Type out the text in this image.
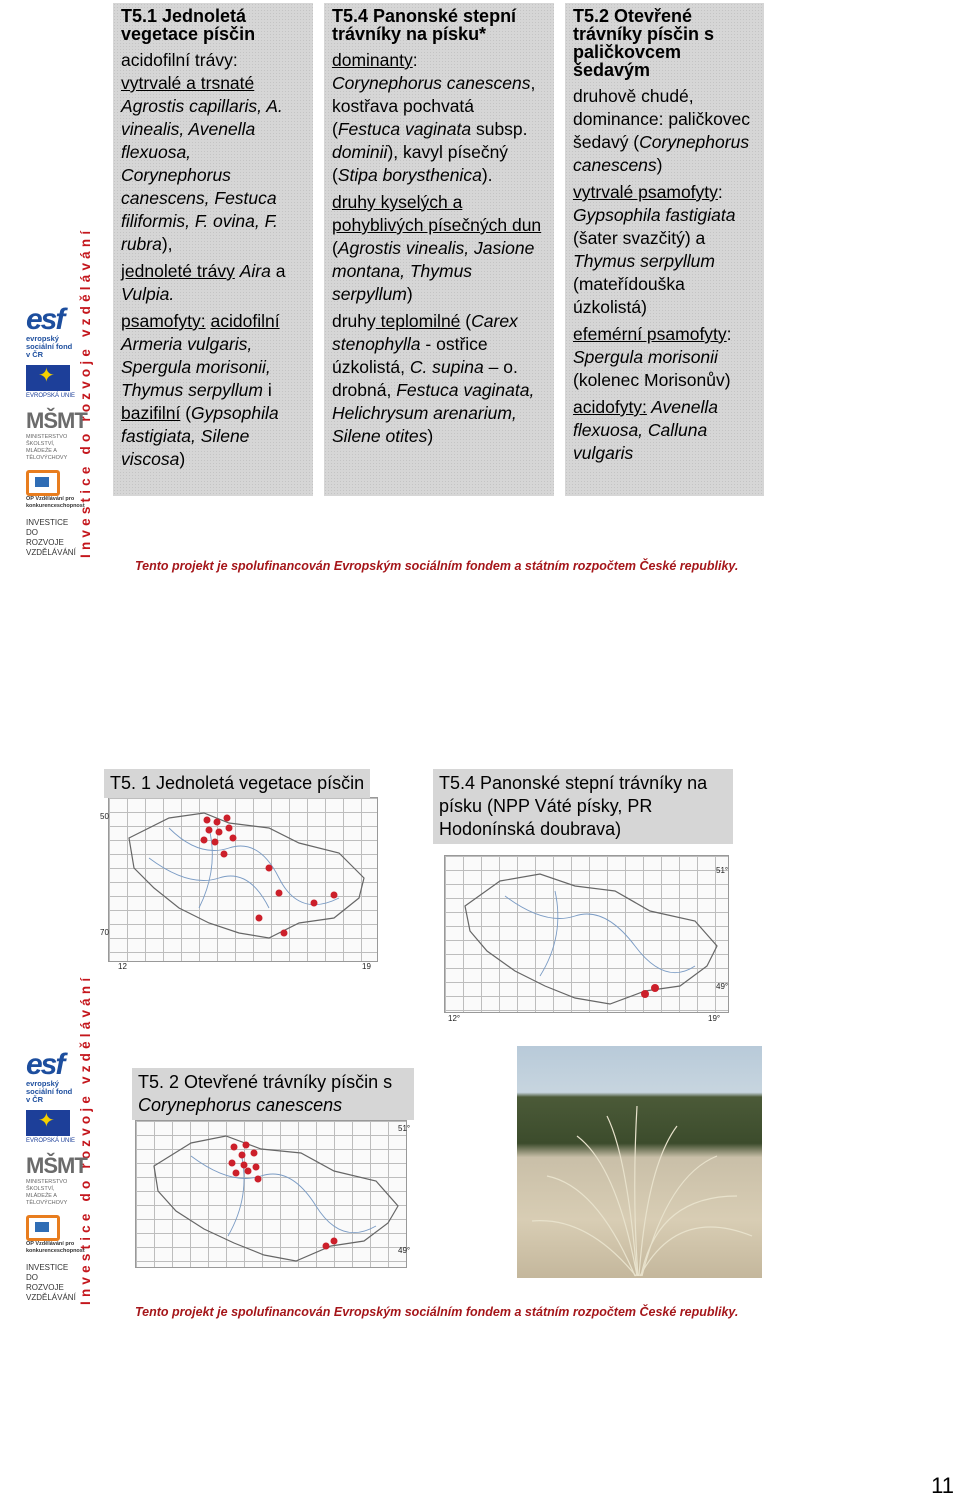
Investice do rozvoje vzdělávání
esf
evropský sociální fond v ČR
✦
EVROPSKÁ UNIE
MŠMT
MINISTERSTVO ŠKOLSTVÍ, MLÁDEŽE A TĚLOVÝCHOVY
OP Vzdělávání pro konkurenceschopnost
INVESTICE DO ROZVOJE VZDĚLÁVÁNÍ
T5.1 Jednoletá vegetace písčin

acidofilní trávy:
vytrvalé a trsnaté
Agrostis capillaris, A. vinealis, Avenella flexuosa, Corynephorus canescens, Festuca filiformis, F. ovina, F. rubra),

jednoleté trávy Aira a Vulpia.

psamofyty: acidofilní
Armeria vulgaris, Spergula morisonii, Thymus serpyllum i bazifilní (Gypsophila fastigiata, Silene viscosa)

T5.4 Panonské stepní trávníky na písku*

dominanty:
Corynephorus canescens, kostřava pochvatá (Festuca vaginata subsp. dominii), kavyl písečný (Stipa borysthenica).

druhy kyselých a pohyblivých písečných dun (Agrostis vinealis, Jasione montana, Thymus serpyllum)

druhy teplomilné (Carex stenophylla - ostřice úzkolistá, C. supina – o. drobná, Festuca vaginata, Helichrysum arenarium, Silene otites)

T5.2 Otevřené trávníky písčin s paličkovcem šedavým

druhově chudé, dominance: paličkovec šedavý (Corynephorus canescens)

vytrvalé psamofyty:
Gypsophila fastigiata (šater svazčitý) a Thymus serpyllum (mateřídouška úzkolistá)

efemérní psamofyty:
Spergula morisonii (kolenec Morisonův)

acidofyty: Avenella flexuosa, Calluna vulgaris

Tento projekt je spolufinancován Evropským sociálním fondem a státním rozpočtem České republiky.
Investice do rozvoje vzdělávání
esf
evropský sociální fond v ČR
✦
EVROPSKÁ UNIE
MŠMT
MINISTERSTVO ŠKOLSTVÍ, MLÁDEŽE A TĚLOVÝCHOVY
OP Vzdělávání pro konkurenceschopnost
INVESTICE DO ROZVOJE VZDĚLÁVÁNÍ
T5. 1 Jednoletá vegetace písčin
50
70
12	19
T5.4 Panonské stepní trávníky na písku (NPP Váté písky, PR Hodonínská doubrava)
51°
49°
12°	19°
T5. 2 Otevřené trávníky písčin s Corynephorus canescens
51°
49°
Tento projekt je spolufinancován Evropským sociálním fondem a státním rozpočtem České republiky.
11
